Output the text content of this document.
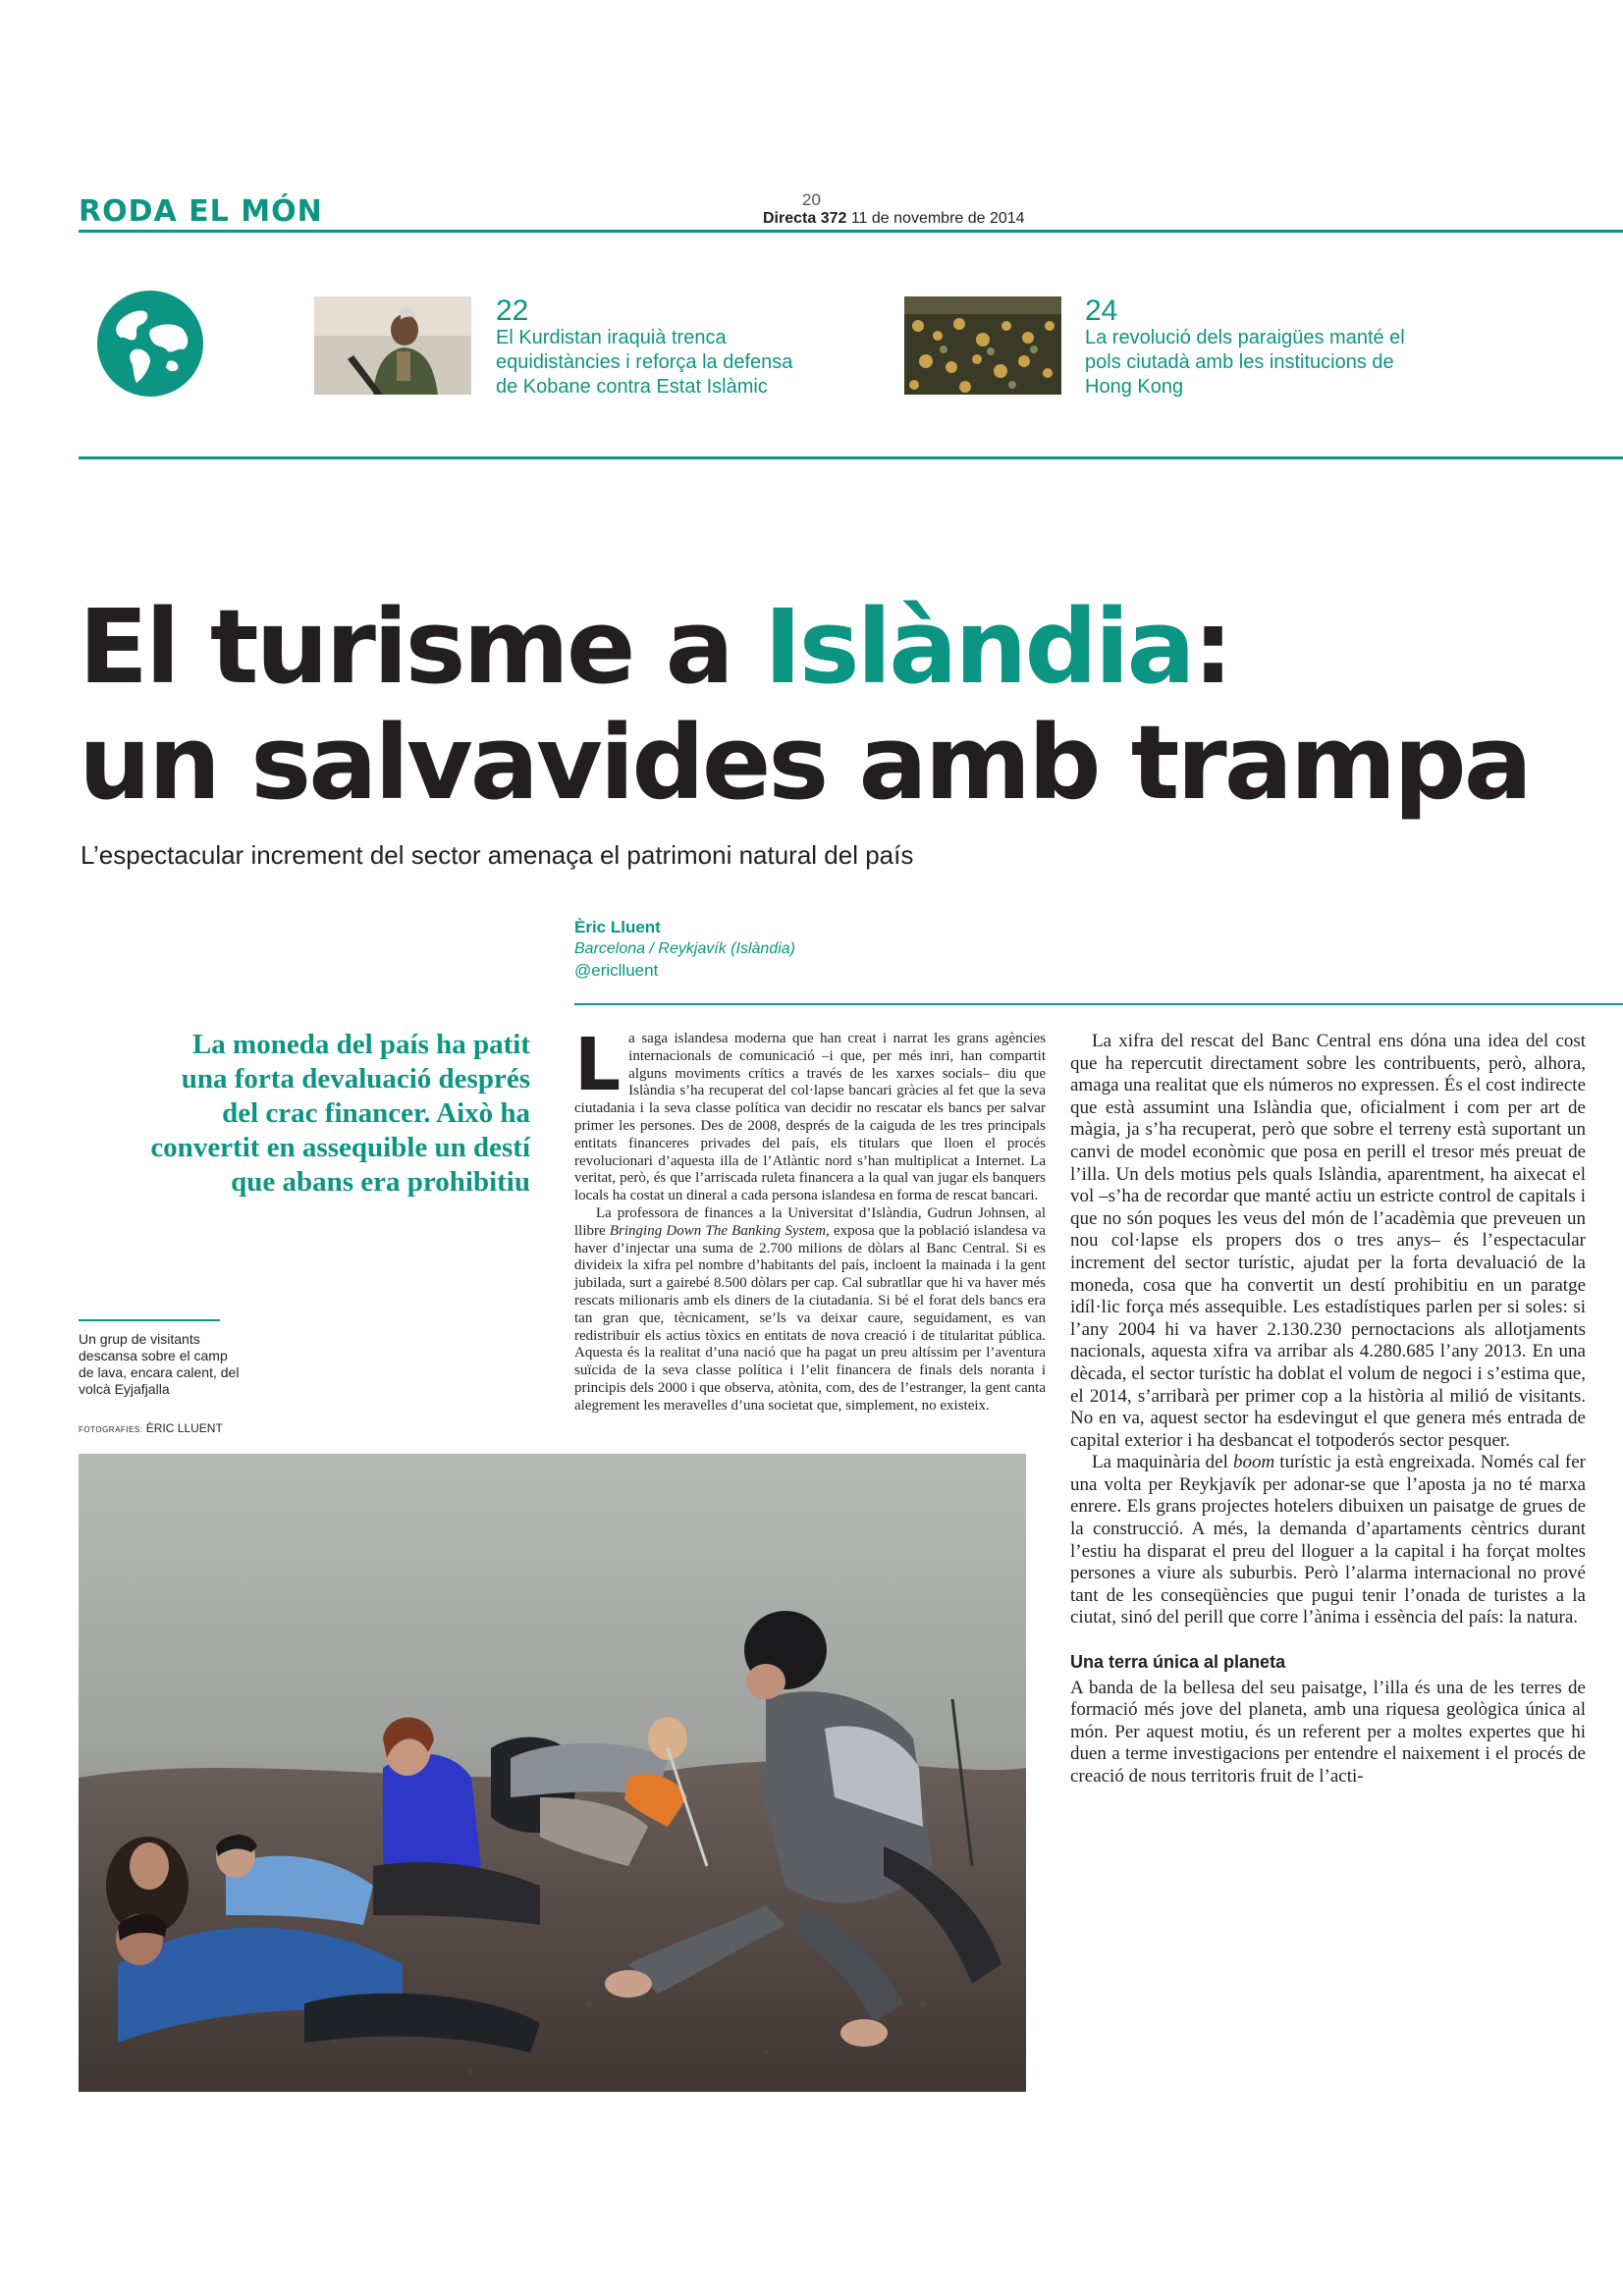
RODA EL MÓN	20
Directa 372 11 de novembre de 2014
22
El Kurdistan iraquià trenca equidistàncies i reforça la defensa de Kobane contra Estat Islàmic
24
La revolució dels paraigües manté el pols ciutadà amb les institucions de Hong Kong
El turisme a Islàndia:
un salvavides amb trampa
L’espectacular increment del sector amenaça el patrimoni natural del país
Èric Lluent
Barcelona / Reykjavík (Islàndia)
@ericlluent
La moneda del país ha patit una forta devaluació després del crac financer. Això ha convertit en assequible un destí que abans era prohibitiu
Un grup de visitants descansa sobre el camp de lava, encara calent, del volcà Eyjafjalla
FOTOGRAFIES: ÈRIC LLUENT

La saga islandesa moderna que han creat i narrat les grans agències internacionals de comunicació –i que, per més inri, han compartit alguns moviments crítics a través de les xarxes socials– diu que Islàndia s’ha recuperat del col·lapse bancari gràcies al fet que la seva ciutadania i la seva classe política van decidir no rescatar els bancs per salvar primer les persones. Des de 2008, després de la caiguda de les tres principals entitats financeres privades del país, els titulars que lloen el procés revolucionari d’aquesta illa de l’Atlàntic nord s’han multiplicat a Internet. La veritat, però, és que l’arriscada ruleta financera a la qual van jugar els banquers locals ha costat un dineral a cada persona islandesa en forma de rescat bancari.

La professora de finances a la Universitat d’Islàndia, Gudrun Johnsen, al llibre Bringing Down The Banking System, exposa que la població islandesa va haver d’injectar una suma de 2.700 milions de dòlars al Banc Central. Si es divideix la xifra pel nombre d’habitants del país, incloent la mainada i la gent jubilada, surt a gairebé 8.500 dòlars per cap. Cal subratllar que hi va haver més rescats milionaris amb els diners de la ciutadania. Si bé el forat dels bancs era tan gran que, tècnicament, se’ls va deixar caure, seguidament, es van redistribuir els actius tòxics en entitats de nova creació i de titularitat pública. Aquesta és la realitat d’una nació que ha pagat un preu altíssim per l’aventura suïcida de la seva classe política i l’elit financera de finals dels noranta i principis dels 2000 i que observa, atònita, com, des de l’estranger, la gent canta alegrement les meravelles d’una societat que, simplement, no existeix.

La xifra del rescat del Banc Central ens dóna una idea del cost que ha repercutit directament sobre les contribuents, però, alhora, amaga una realitat que els números no expressen. És el cost indirecte que està assumint una Islàndia que, oficialment i com per art de màgia, ja s’ha recuperat, però que sobre el terreny està suportant un canvi de model econòmic que posa en perill el tresor més preuat de l’illa. Un dels motius pels quals Islàndia, aparentment, ha aixecat el vol –s’ha de recordar que manté actiu un estricte control de capitals i que no són poques les veus del món de l’acadèmia que preveuen un nou col·lapse els propers dos o tres anys– és l’espectacular increment del sector turístic, ajudat per la forta devaluació de la moneda, cosa que ha convertit un destí prohibitiu en un paratge idíl·lic força més assequible. Les estadístiques parlen per si soles: si l’any 2004 hi va haver 2.130.230 pernoctacions als allotjaments nacionals, aquesta xifra va arribar als 4.280.685 l’any 2013. En una dècada, el sector turístic ha doblat el volum de negoci i s’estima que, el 2014, s’arribarà per primer cop a la història al milió de visitants. No en va, aquest sector ha esdevingut el que genera més entrada de capital exterior i ha desbancat el totpoderós sector pesquer.

La maquinària del boom turístic ja està engreixada. Només cal fer una volta per Reykjavík per adonar-se que l’aposta ja no té marxa enrere. Els grans projectes hotelers dibuixen un paisatge de grues de la construcció. A més, la demanda d’apartaments cèntrics durant l’estiu ha disparat el preu del lloguer a la capital i ha forçat moltes persones a viure als suburbis. Però l’alarma internacional no prové tant de les conseqüències que pugui tenir l’onada de turistes a la ciutat, sinó del perill que corre l’ànima i essència del país: la natura.

Una terra única al planeta

A banda de la bellesa del seu paisatge, l’illa és una de les terres de formació més jove del planeta, amb una riquesa geològica única al món. Per aquest motiu, és un referent per a moltes expertes que hi duen a terme investigacions per entendre el naixement i el procés de creació de nous territoris fruit de l’acti-
